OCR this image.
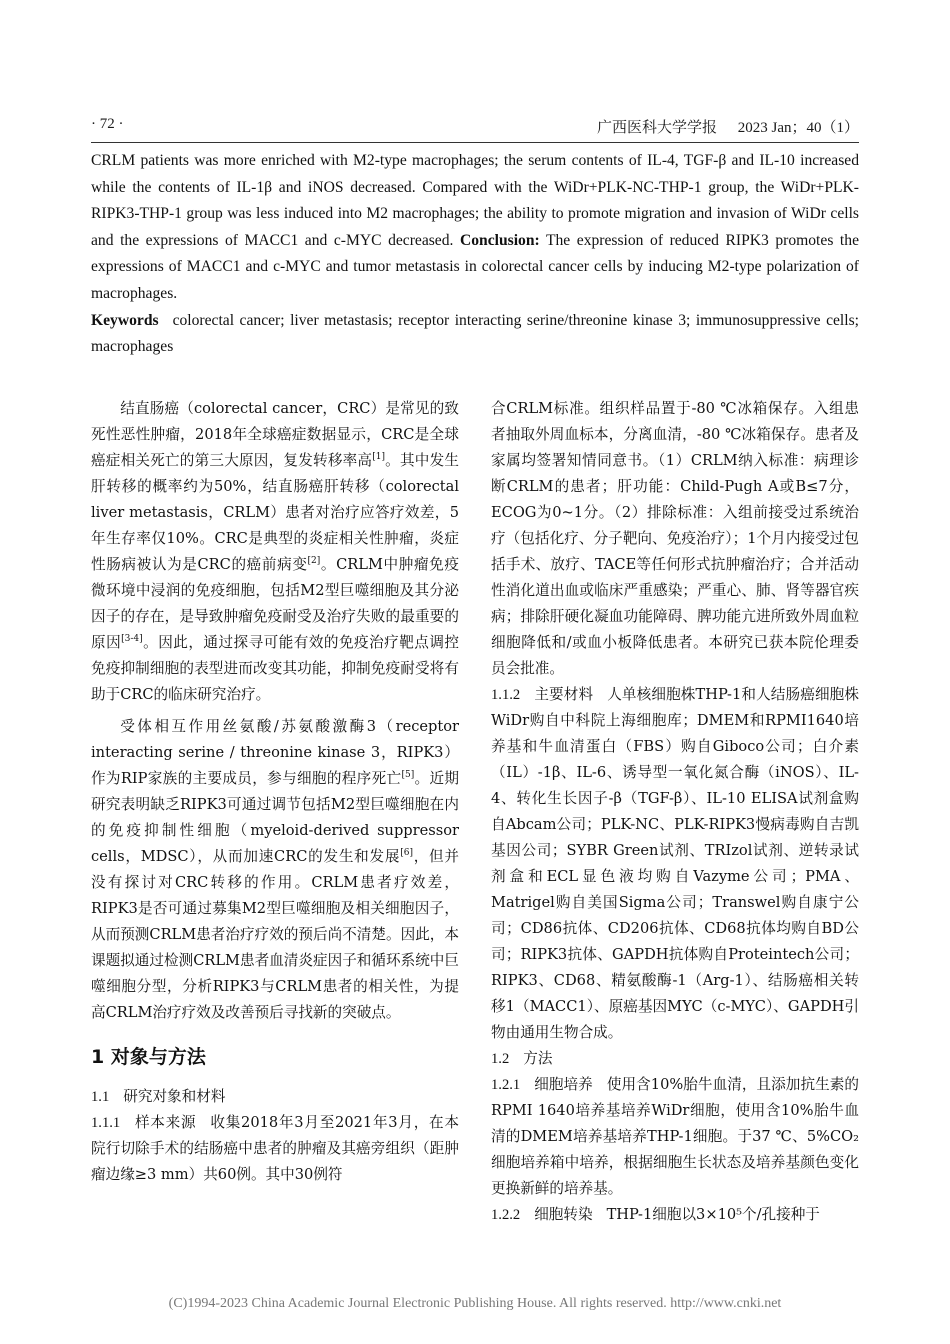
· 72 ·	广西医科大学学报 2023 Jan；40（1）

CRLM patients was more enriched with M2-type macrophages; the serum contents of IL-4, TGF-β and IL-10 increased while the contents of IL-1β and iNOS decreased. Compared with the WiDr+PLK-NC-THP-1 group, the WiDr+PLK-RIPK3-THP-1 group was less induced into M2 macrophages; the ability to promote migration and invasion of WiDr cells and the expressions of MACC1 and c-MYC decreased. Conclusion: The expression of reduced RIPK3 promotes the expressions of MACC1 and c-MYC and tumor metastasis in colorectal cancer cells by inducing M2-type polarization of macrophages.

Keywords colorectal cancer; liver metastasis; receptor interacting serine/threonine kinase 3; immunosuppressive cells; macrophages

结直肠癌（colorectal cancer，CRC）是常见的致死性恶性肿瘤，2018年全球癌症数据显示，CRC是全球癌症相关死亡的第三大原因，复发转移率高[1]。其中发生肝转移的概率约为50%，结直肠癌肝转移（colorectal liver metastasis，CRLM）患者对治疗应答疗效差，5年生存率仅10%。CRC是典型的炎症相关性肿瘤，炎症性肠病被认为是CRC的癌前病变[2]。CRLM中肿瘤免疫微环境中浸润的免疫细胞，包括M2型巨噬细胞及其分泌因子的存在，是导致肿瘤免疫耐受及治疗失败的最重要的原因[3-4]。因此，通过探寻可能有效的免疫治疗靶点调控免疫抑制细胞的表型进而改变其功能，抑制免疫耐受将有助于CRC的临床研究治疗。

受体相互作用丝氨酸/苏氨酸激酶3（receptor interacting serine / threonine kinase 3，RIPK3）作为RIP家族的主要成员，参与细胞的程序死亡[5]。近期研究表明缺乏RIPK3可通过调节包括M2型巨噬细胞在内的免疫抑制性细胞（myeloid-derived suppressor cells，MDSC），从而加速CRC的发生和发展[6]，但并没有探讨对CRC转移的作用。CRLM患者疗效差，RIPK3是否可通过募集M2型巨噬细胞及相关细胞因子，从而预测CRLM患者治疗疗效的预后尚不清楚。因此，本课题拟通过检测CRLM患者血清炎症因子和循环系统中巨噬细胞分型，分析RIPK3与CRLM患者的相关性，为提高CRLM治疗疗效及改善预后寻找新的突破点。

1 对象与方法

1.1 研究对象和材料

1.1.1 样本来源 收集2018年3月至2021年3月，在本院行切除手术的结肠癌中患者的肿瘤及其癌旁组织（距肿瘤边缘≥3 mm）共60例。其中30例符

合CRLM标准。组织样品置于-80 ℃冰箱保存。入组患者抽取外周血标本，分离血清，-80 ℃冰箱保存。患者及家属均签署知情同意书。（1）CRLM纳入标准：病理诊断CRLM的患者；肝功能：Child-Pugh A或B≤7分，ECOG为0~1分。（2）排除标准：入组前接受过系统治疗（包括化疗、分子靶向、免疫治疗）；1个月内接受过包括手术、放疗、TACE等任何形式抗肿瘤治疗；合并活动性消化道出血或临床严重感染；严重心、肺、肾等器官疾病；排除肝硬化凝血功能障碍、脾功能亢进所致外周血粒细胞降低和/或血小板降低患者。本研究已获本院伦理委员会批准。

1.1.2 主要材料 人单核细胞株THP-1和人结肠癌细胞株WiDr购自中科院上海细胞库；DMEM和RPMI1640培养基和牛血清蛋白（FBS）购自Giboco公司；白介素（IL）-1β、IL-6、诱导型一氧化氮合酶（iNOS）、IL-4、转化生长因子-β（TGF-β）、IL-10 ELISA试剂盒购自Abcam公司；PLK-NC、PLK-RIPK3慢病毒购自吉凯基因公司；SYBR Green试剂、TRIzol试剂、逆转录试剂盒和ECL显色液均购自Vazyme公司；PMA、Matrigel购自美国Sigma公司；Transwel购自康宁公司；CD86抗体、CD206抗体、CD68抗体均购自BD公司；RIPK3抗体、GAPDH抗体购自Proteintech公司；RIPK3、CD68、精氨酸酶-1（Arg-1）、结肠癌相关转移1（MACC1）、原癌基因MYC（c-MYC）、GAPDH引物由通用生物合成。

1.2 方法

1.2.1 细胞培养 使用含10%胎牛血清，且添加抗生素的RPMI 1640培养基培养WiDr细胞，使用含10%胎牛血清的DMEM培养基培养THP-1细胞。于37 ℃、5%CO₂细胞培养箱中培养，根据细胞生长状态及培养基颜色变化更换新鲜的培养基。

1.2.2 细胞转染 THP-1细胞以3×10⁵个/孔接种于

(C)1994-2023 China Academic Journal Electronic Publishing House. All rights reserved. http://www.cnki.net
